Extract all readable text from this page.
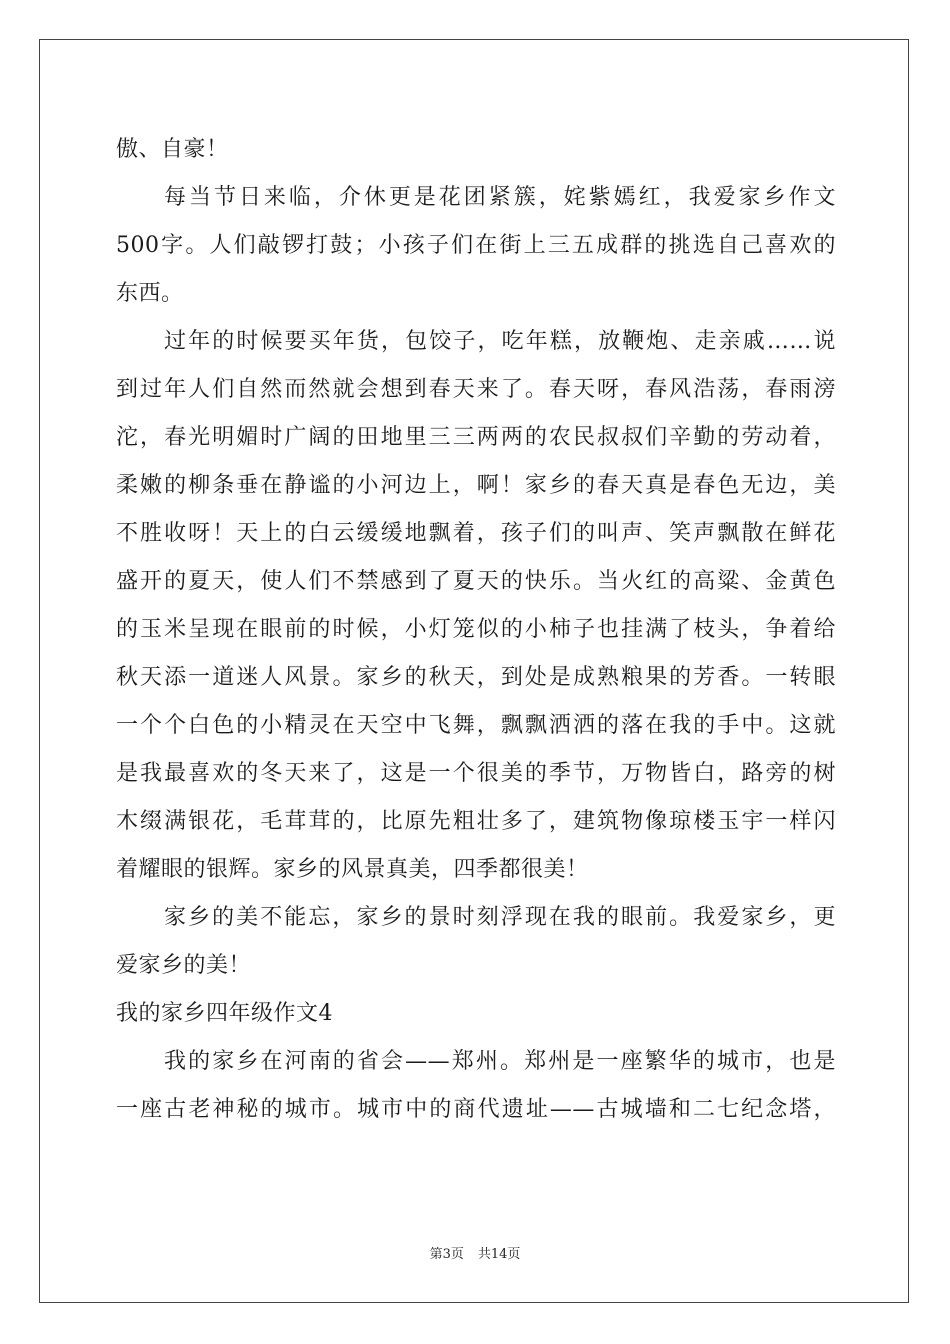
傲、自豪！
每当节日来临，介休更是花团紧簇，姹紫嫣红，我爱家乡作文
500字。人们敲锣打鼓；小孩子们在街上三五成群的挑选自己喜欢的
东西。
过年的时候要买年货，包饺子，吃年糕，放鞭炮、走亲戚……说
到过年人们自然而然就会想到春天来了。春天呀，春风浩荡，春雨滂
沱，春光明媚时广阔的田地里三三两两的农民叔叔们辛勤的劳动着，
柔嫩的柳条垂在静谧的小河边上，啊！家乡的春天真是春色无边，美
不胜收呀！天上的白云缓缓地飘着，孩子们的叫声、笑声飘散在鲜花
盛开的夏天，使人们不禁感到了夏天的快乐。当火红的高粱、金黄色
的玉米呈现在眼前的时候，小灯笼似的小柿子也挂满了枝头，争着给
秋天添一道迷人风景。家乡的秋天，到处是成熟粮果的芳香。一转眼
一个个白色的小精灵在天空中飞舞，飘飘洒洒的落在我的手中。这就
是我最喜欢的冬天来了，这是一个很美的季节，万物皆白，路旁的树
木缀满银花，毛茸茸的，比原先粗壮多了，建筑物像琼楼玉宇一样闪
着耀眼的银辉。家乡的风景真美，四季都很美！
家乡的美不能忘，家乡的景时刻浮现在我的眼前。我爱家乡，更
爱家乡的美！
我的家乡四年级作文4
我的家乡在河南的省会——郑州。郑州是一座繁华的城市，也是
一座古老神秘的城市。城市中的商代遗址——古城墙和二七纪念塔，
第3页 共14页
